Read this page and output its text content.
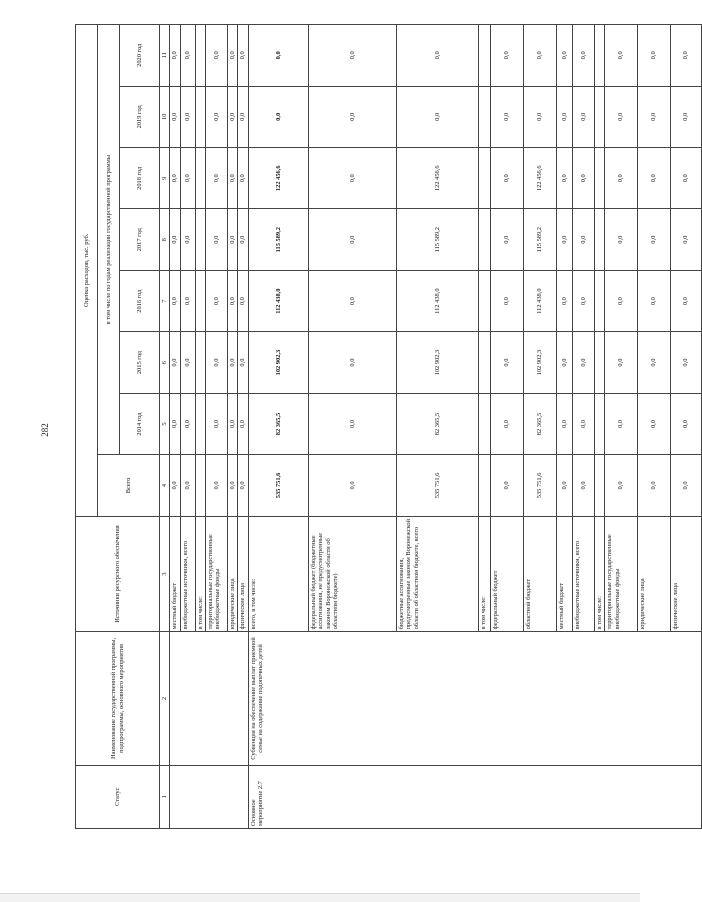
282
Статус	Наименование государственной программы, подпрограммы, основного мероприятия	Источники ресурсного обеспечения	Оценка расходов, тыс. руб.							
			Всего	в том числе по годам реализации государственной программы						
				2014 год	2015 год	2016 год	2017 год	2018 год	2019 год	2020 год
1	2	3	4	5	6	7	8	9	10	11
		местный бюджет	0,0	0,0	0,0	0,0	0,0	0,0	0,0	0,0
		внебюджетные источники, всего	0,0	0,0	0,0	0,0	0,0	0,0	0,0	0,0
		в том числе:								
		территориальные государственные внебюджетные фонды	0,0	0,0	0,0	0,0	0,0	0,0	0,0	0,0
		юридические лица	0,0	0,0	0,0	0,0	0,0	0,0	0,0	0,0
		физические лица	0,0	0,0	0,0	0,0	0,0	0,0	0,0	0,0
Основное мероприятие 2.7	Субвенция на обеспечение выплат приемной семье на содержание подопечных детей	всего, в том числе:	535 751,6	82 365,5	102 902,3	112 438,0	115 589,2	122 456,6	0,0	0,0
		федеральный бюджет (бюджетные ассигнования, не предусмотренные законом Воронежской области об областном бюджете)	0,0	0,0	0,0	0,0	0,0	0,0	0,0	0,0
		бюджетные ассигнования, предусмотренные законом Воронежской области об областном бюджете, всего	535 751,6	82 365,5	102 902,3	112 438,0	115 589,2	122 456,6	0,0	0,0
		в том числе:								
		федеральный бюджет	0,0	0,0	0,0	0,0	0,0	0,0	0,0	0,0
		областной бюджет	535 751,6	82 365,5	102 902,3	112 438,0	115 589,2	122 456,6	0,0	0,0
		местный бюджет	0,0	0,0	0,0	0,0	0,0	0,0	0,0	0,0
		внебюджетные источники, всего	0,0	0,0	0,0	0,0	0,0	0,0	0,0	0,0
		в том числе:								
		территориальные государственные внебюджетные фонды	0,0	0,0	0,0	0,0	0,0	0,0	0,0	0,0
		юридические лица	0,0	0,0	0,0	0,0	0,0	0,0	0,0	0,0
		физические лица	0,0	0,0	0,0	0,0	0,0	0,0	0,0	0,0
